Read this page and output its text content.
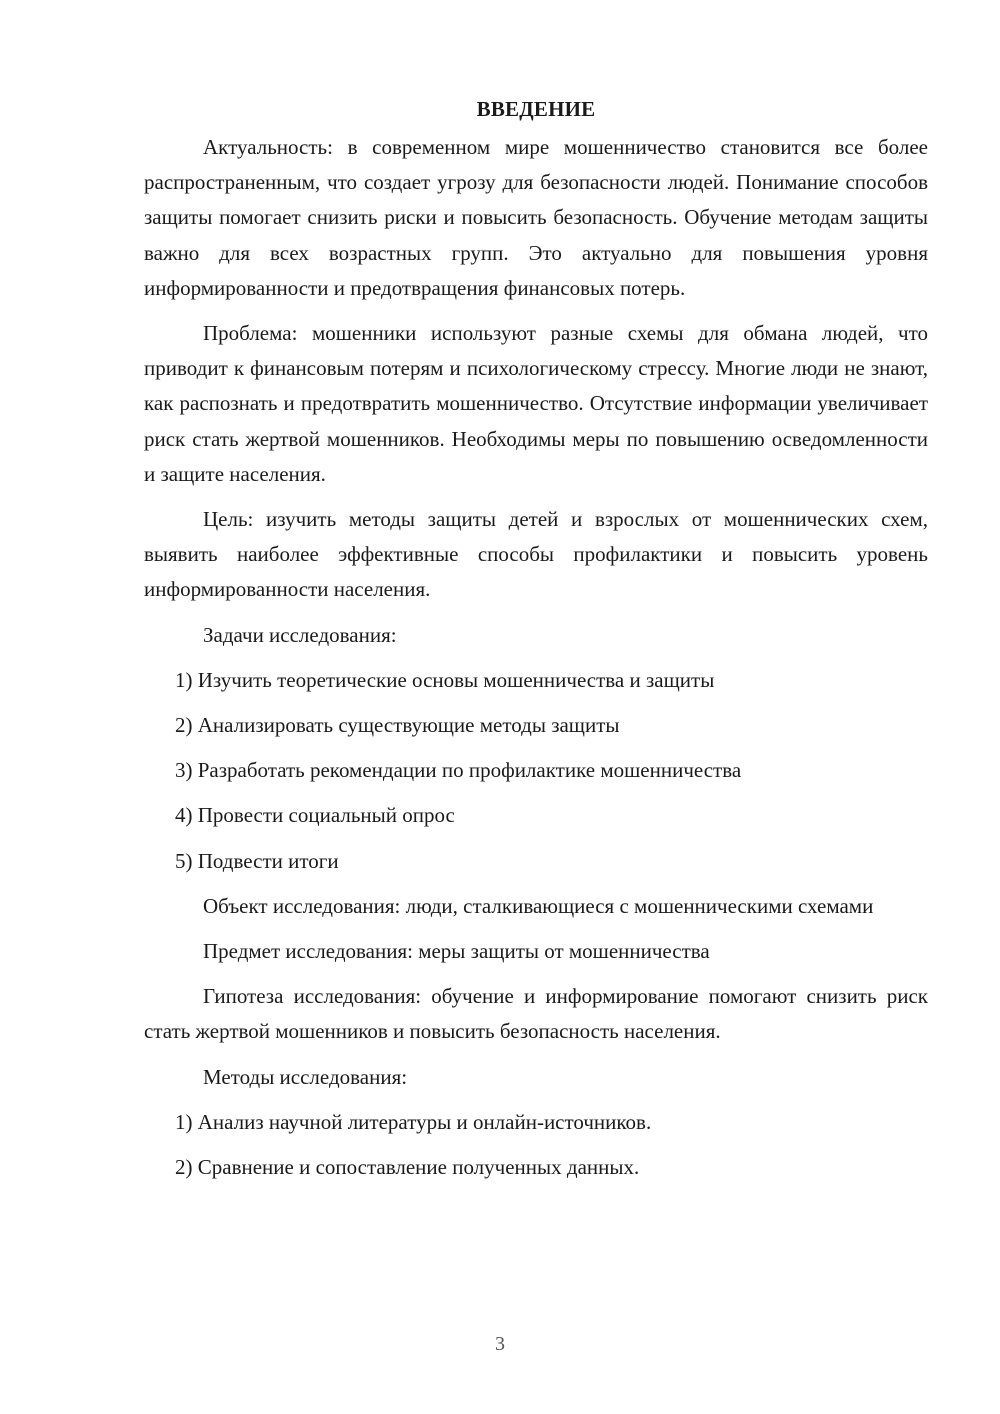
ВВЕДЕНИЕ

Актуальность: в современном мире мошенничество становится все более распространенным, что создает угрозу для безопасности людей. Понимание способов защиты помогает снизить риски и повысить безопасность. Обучение методам защиты важно для всех возрастных групп. Это актуально для повышения уровня информированности и предотвращения финансовых потерь.

Проблема: мошенники используют разные схемы для обмана людей, что приводит к финансовым потерям и психологическому стрессу. Многие люди не знают, как распознать и предотвратить мошенничество. Отсутствие информации увеличивает риск стать жертвой мошенников. Необходимы меры по повышению осведомленности и защите населения.

Цель: изучить методы защиты детей и взрослых от мошеннических схем, выявить наиболее эффективные способы профилактики и повысить уровень информированности населения.

Задачи исследования:

1) Изучить теоретические основы мошенничества и защиты
2) Анализировать существующие методы защиты
3) Разработать рекомендации по профилактике мошенничества
4) Провести социальный опрос
5) Подвести итоги

Объект исследования: люди, сталкивающиеся с мошенническими схемами

Предмет исследования: меры защиты от мошенничества

Гипотеза исследования: обучение и информирование помогают снизить риск стать жертвой мошенников и повысить безопасность населения.

Методы исследования:

1) Анализ научной литературы и онлайн-источников.
2) Сравнение и сопоставление полученных данных.
3
